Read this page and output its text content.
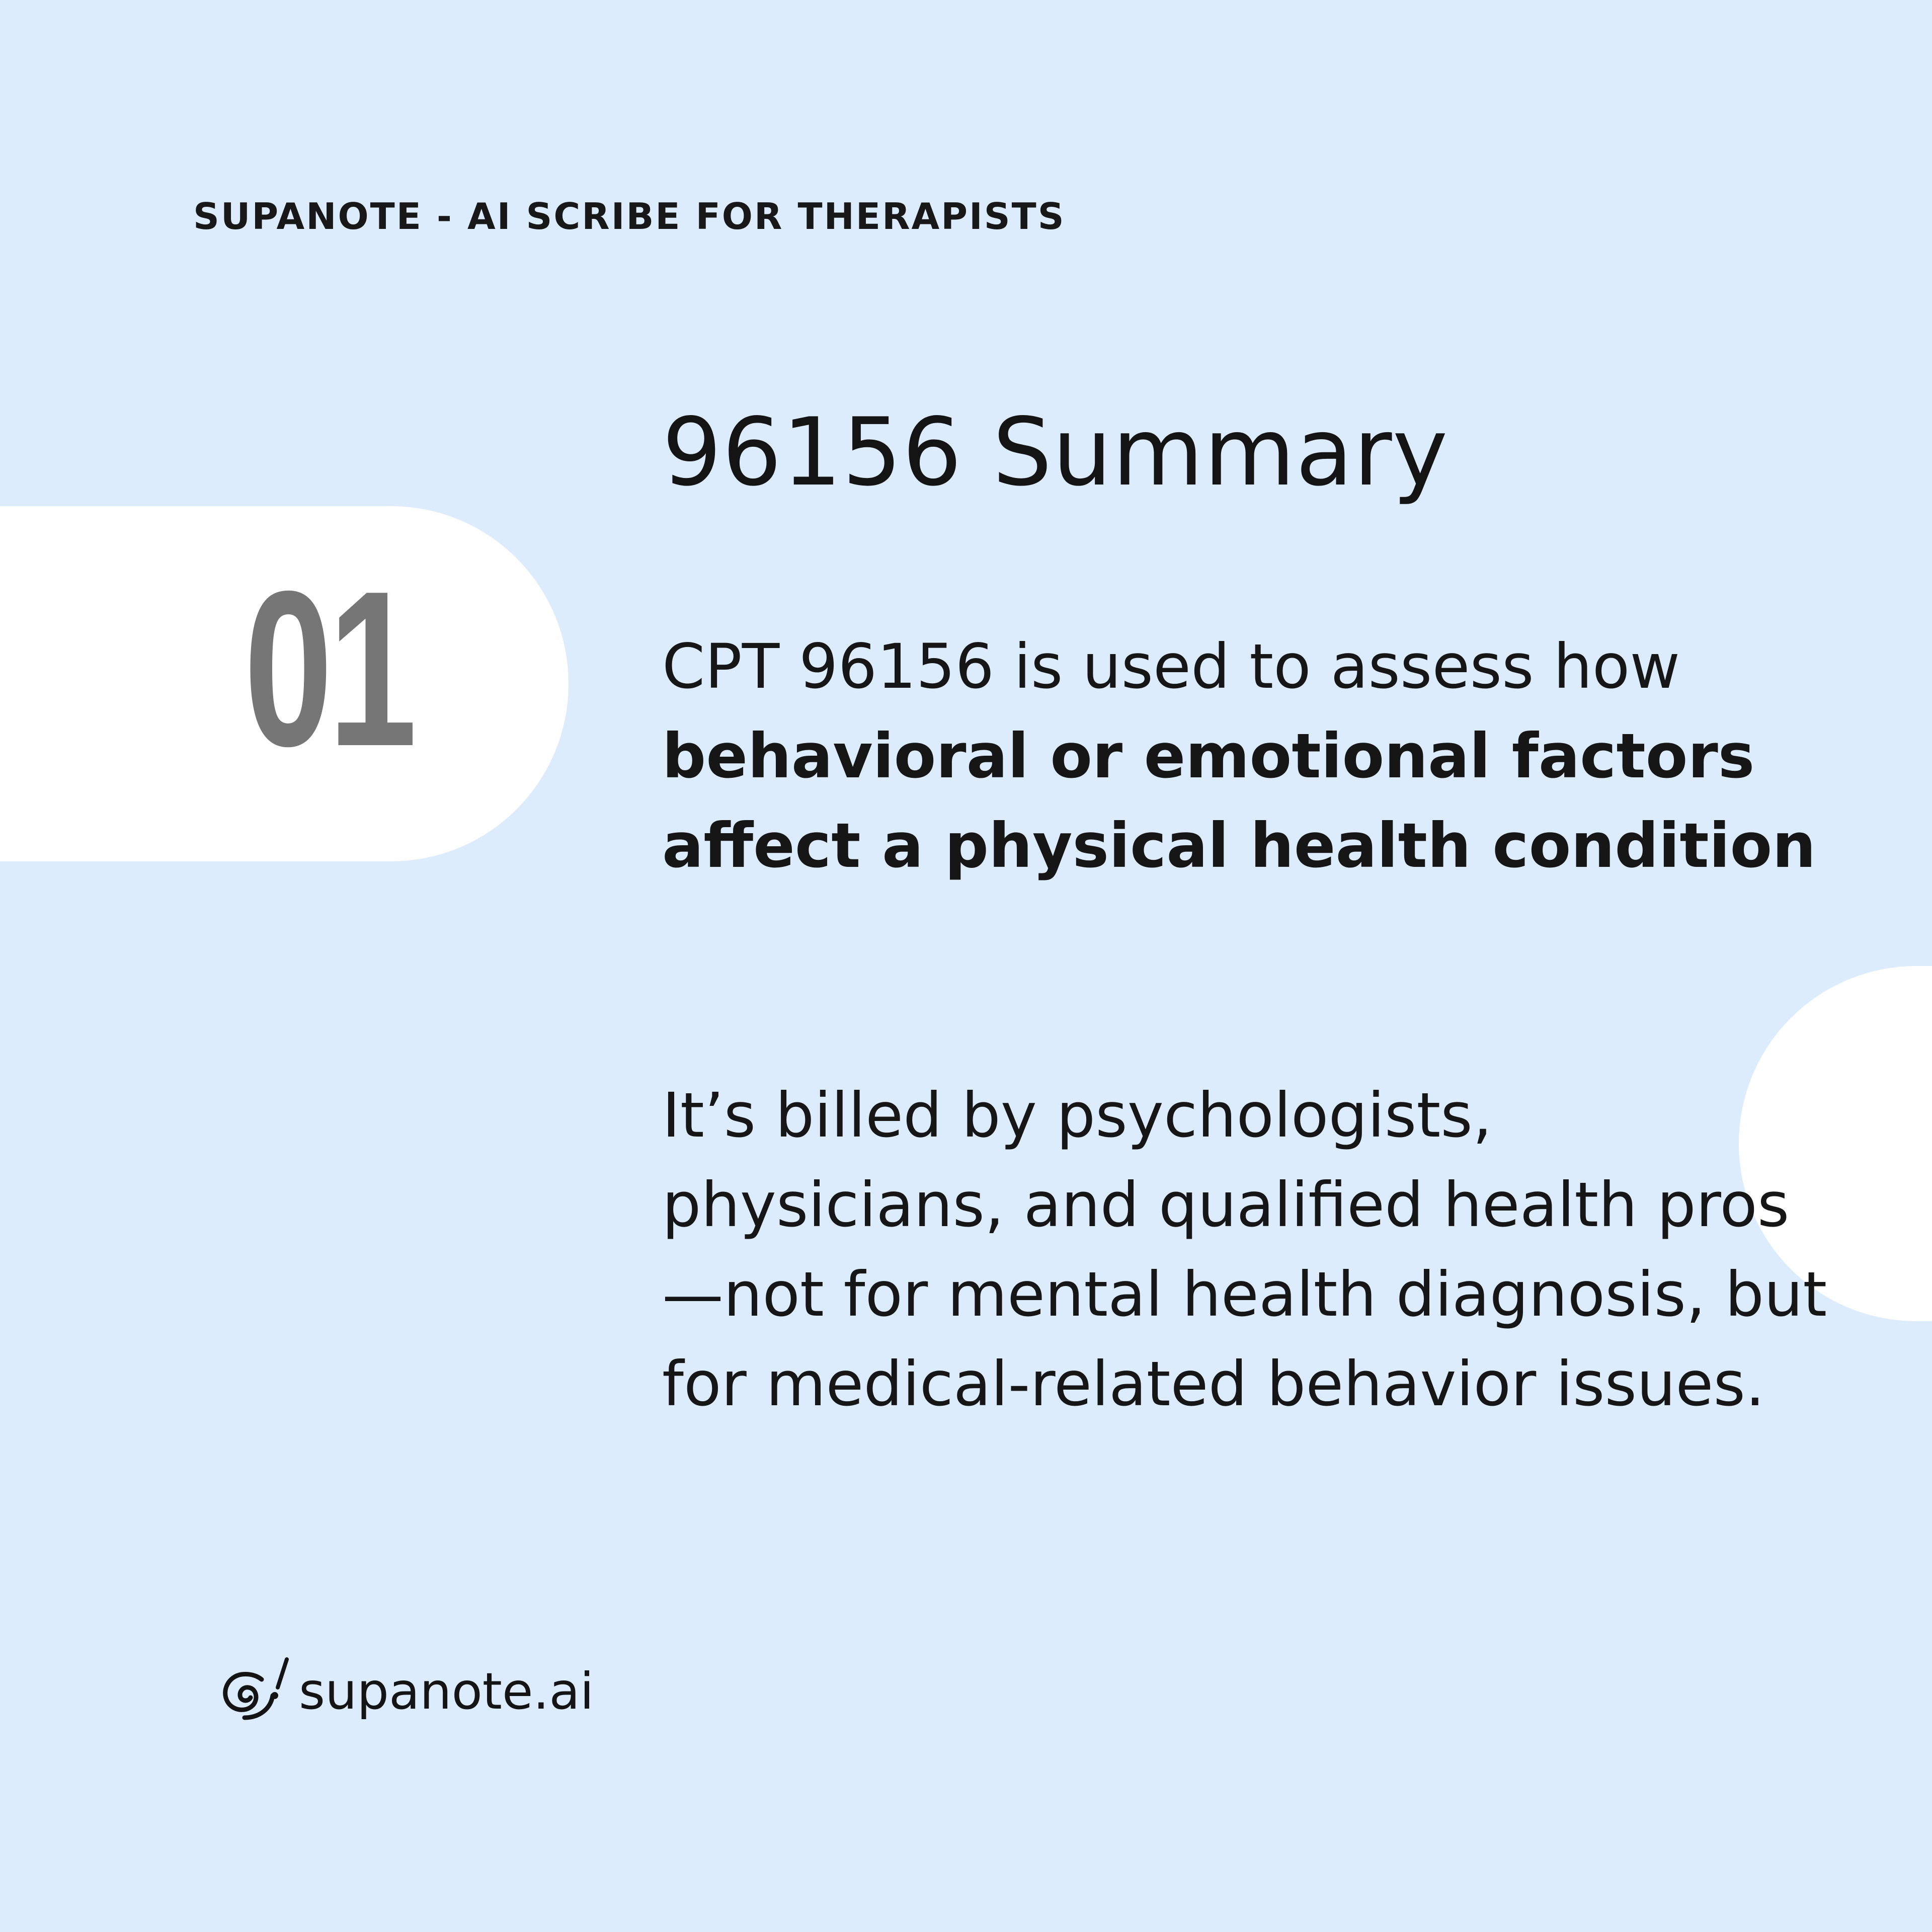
SUPANOTE - AI SCRIBE FOR THERAPISTS
01
96156 Summary

CPT 96156 is used to assess how behavioral or emotional factors affect a physical health condition

It’s billed by psychologists, physicians, and qualified health pros—not for mental health diagnosis, but for medical-related behavior issues.

supanote.ai
